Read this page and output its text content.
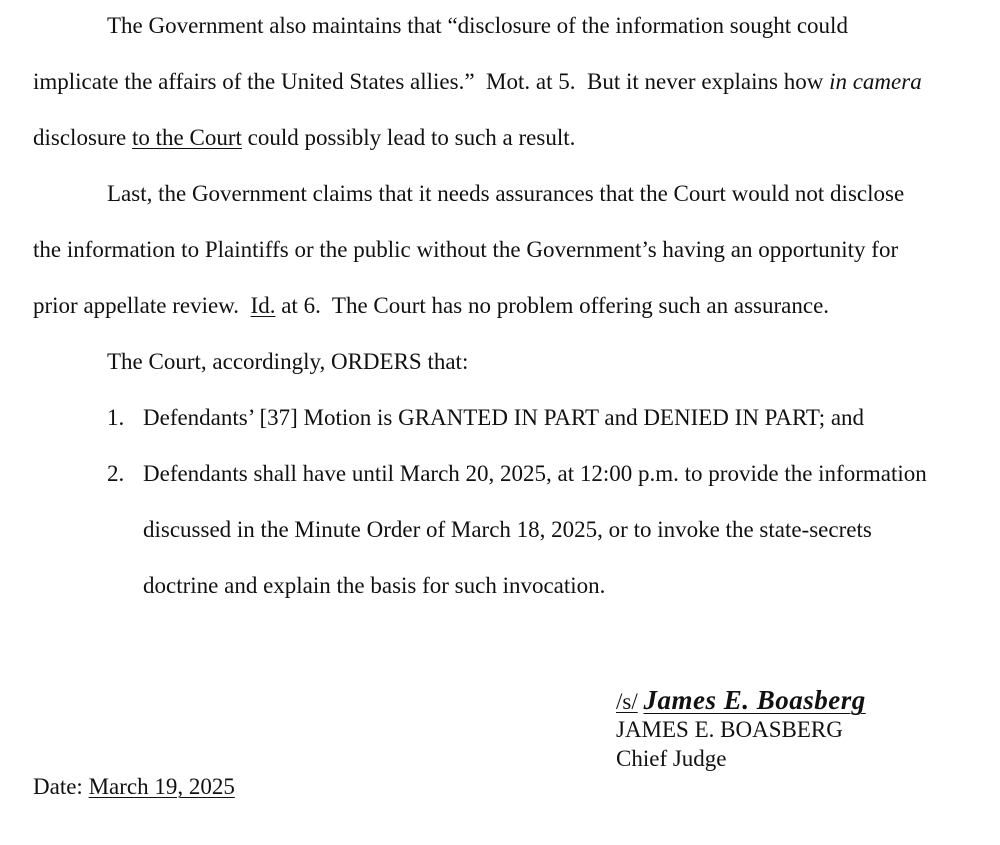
The Government also maintains that “disclosure of the information sought could
implicate the affairs of the United States allies.”  Mot. at 5.  But it never explains how in camera
disclosure to the Court could possibly lead to such a result.
Last, the Government claims that it needs assurances that the Court would not disclose
the information to Plaintiffs or the public without the Government’s having an opportunity for
prior appellate review.  Id. at 6.  The Court has no problem offering such an assurance.
The Court, accordingly, ORDERS that:
1. Defendants’ [37] Motion is GRANTED IN PART and DENIED IN PART; and
2. Defendants shall have until March 20, 2025, at 12:00 p.m. to provide the information
discussed in the Minute Order of March 18, 2025, or to invoke the state-secrets
doctrine and explain the basis for such invocation.
/s/ James E. Boasberg
JAMES E. BOASBERG
Chief Judge
Date: March 19, 2025
